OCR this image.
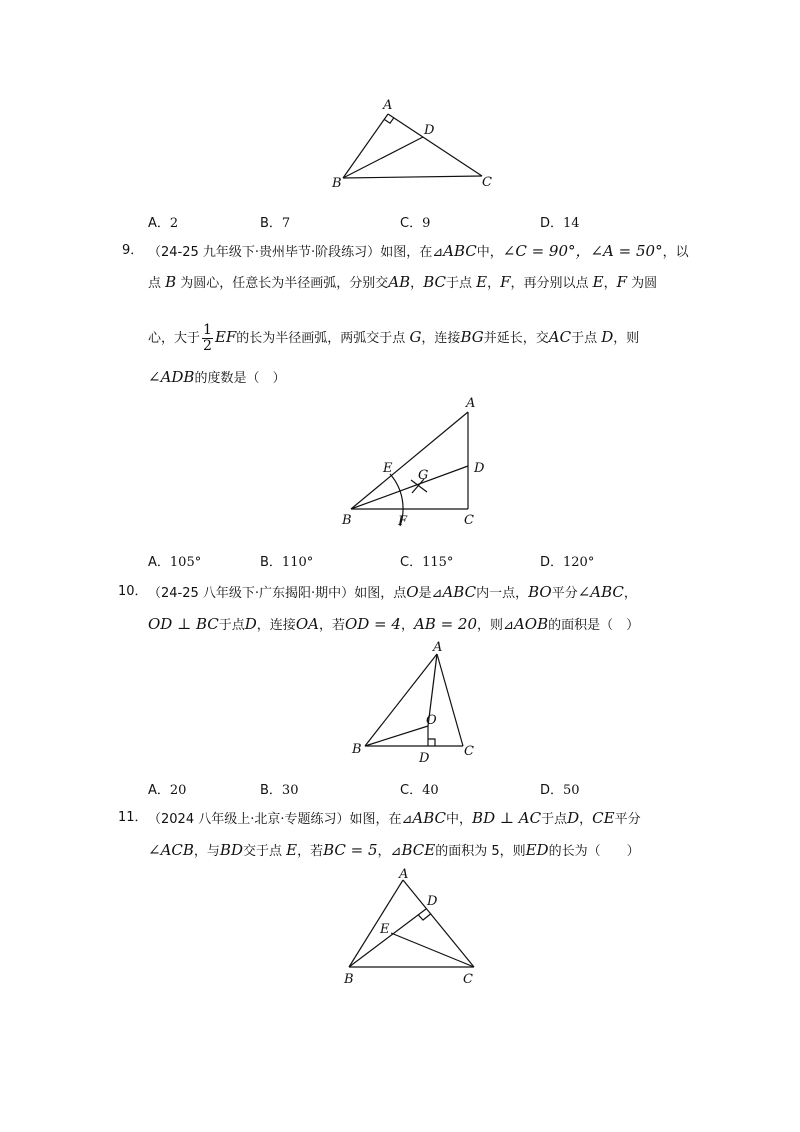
A
D
B	C
A．2	B．7	C．9	D．14
9． （24-25 九年级下·贵州毕节·阶段练习）如图，在⊿ABC中，∠C = 90°，∠A = 50°，以
点 B 为圆心，任意长为半径画弧，分别交AB，BC于点 E，F，再分别以点 E，F 为圆
心，大于 $\frac{1}{2}$ EF的长为半径画弧，两弧交于点 G，连接BG并延长，交AC于点 D，则
∠ADB的度数是（　）
A
D
E G
B	F	C
A．105°	B．110°	C．115°	D．120°
10． （24-25 八年级下·广东揭阳·期中）如图，点O是⊿ABC内一点，BO平分∠ABC，
OD ⊥ BC于点D，连接OA，若OD = 4，AB = 20，则⊿AOB的面积是（　）
A
O
B
D	C
A．20	B．30	C．40	D．50
11． （2024 八年级上·北京·专题练习）如图，在⊿ABC中，BD ⊥ AC于点D，CE平分
∠ACB，与BD交于点 E，若BC = 5，⊿BCE的面积为 5，则ED的长为（　　）
A
D
E
B	C
